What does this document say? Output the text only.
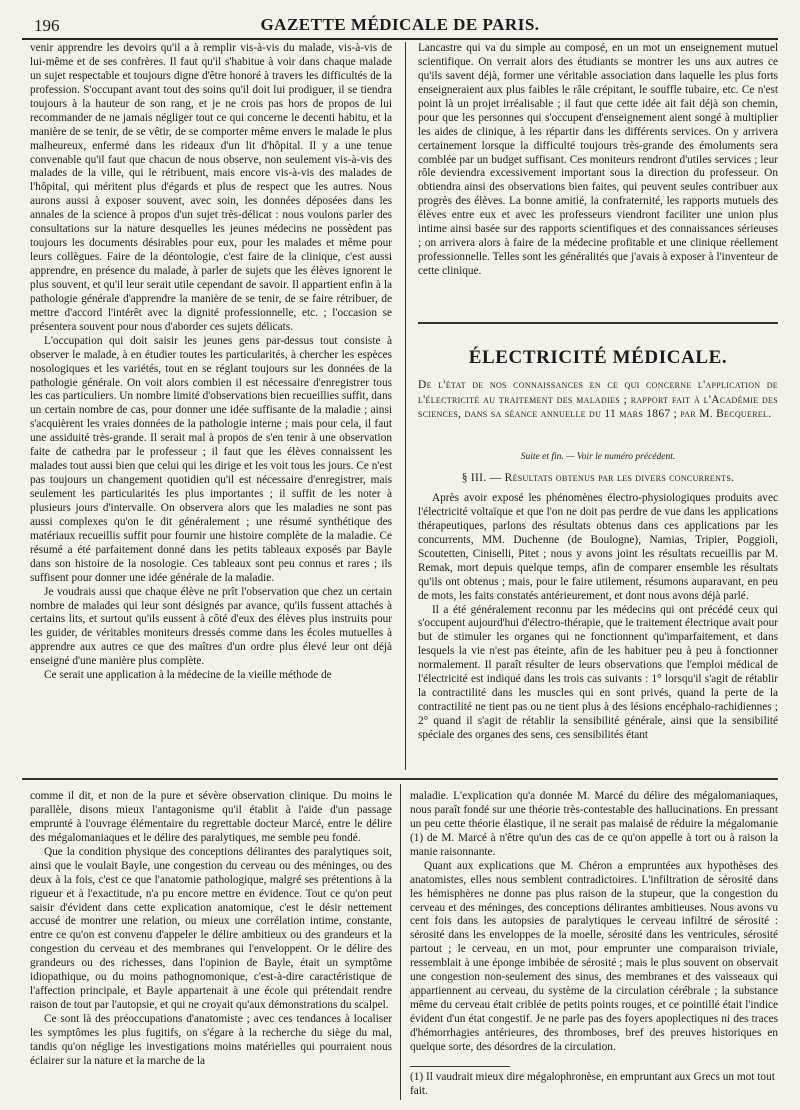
196	GAZETTE MÉDICALE DE PARIS.

venir apprendre les devoirs qu'il a à remplir vis-à-vis du malade, vis-à-vis de lui-même et de ses confrères. Il faut qu'il s'habitue à voir dans chaque malade un sujet respectable et toujours digne d'être honoré à travers les difficultés de la profession. S'occupant avant tout des soins qu'il doit lui prodiguer, il se tiendra toujours à la hauteur de son rang, et je ne crois pas hors de propos de lui recommander de ne jamais négliger tout ce qui concerne le decenti habitu, et la manière de se tenir, de se vêtir, de se comporter même envers le malade le plus malheureux, enfermé dans les rideaux d'un lit d'hôpital. Il y a une tenue convenable qu'il faut que chacun de nous observe, non seulement vis-à-vis des malades de la ville, qui le rétribuent, mais encore vis-à-vis des malades de l'hôpital, qui méritent plus d'égards et plus de respect que les autres. Nous aurons aussi à exposer souvent, avec soin, les données déposées dans les annales de la science à propos d'un sujet très-délicat : nous voulons parler des consultations sur la nature desquelles les jeunes médecins ne possèdent pas toujours les documents désirables pour eux, pour les malades et même pour leurs collègues. Faire de la déontologie, c'est faire de la clinique, c'est aussi apprendre, en présence du malade, à parler de sujets que les élèves ignorent le plus souvent, et qu'il leur serait utile cependant de savoir. Il appartient enfin à la pathologie générale d'apprendre la manière de se tenir, de se faire rétribuer, de mettre d'accord l'intérêt avec la dignité professionnelle, etc. ; l'occasion se présentera souvent pour nous d'aborder ces sujets délicats.

L'occupation qui doit saisir les jeunes gens par-dessus tout consiste à observer le malade, à en étudier toutes les particularités, à chercher les espèces nosologiques et les variétés, tout en se réglant toujours sur les données de la pathologie générale. On voit alors combien il est nécessaire d'enregistrer tous les cas particuliers. Un nombre limité d'observations bien recueillies suffit, dans un certain nombre de cas, pour donner une idée suffisante de la maladie ; ainsi s'acquièrent les vraies données de la pathologie interne ; mais pour cela, il faut une assiduité très-grande. Il serait mal à propos de s'en tenir à une observation faite de cathedra par le professeur ; il faut que les élèves connaissent les malades tout aussi bien que celui qui les dirige et les voit tous les jours. Ce n'est pas toujours un changement quotidien qu'il est nécessaire d'enregistrer, mais seulement les particularités les plus importantes ; il suffit de les noter à plusieurs jours d'intervalle. On observera alors que les maladies ne sont pas aussi complexes qu'on le dit généralement ; une résumé synthétique des matériaux recueillis suffit pour fournir une histoire complète de la maladie. Ce résumé a été parfaitement donné dans les petits tableaux exposés par Bayle dans son histoire de la nosologie. Ces tableaux sont peu connus et rares ; ils suffisent pour donner une idée générale de la maladie.

Je voudrais aussi que chaque élève ne prît l'observation que chez un certain nombre de malades qui leur sont désignés par avance, qu'ils fussent attachés à certains lits, et surtout qu'ils eussent à côté d'eux des élèves plus instruits pour les guider, de véritables moniteurs dressés comme dans les écoles mutuelles à apprendre aux autres ce que des maîtres d'un ordre plus élevé leur ont déjà enseigné d'une manière plus complète.

Ce serait une application à la médecine de la vieille méthode de

Lancastre qui va du simple au composé, en un mot un enseignement mutuel scientifique. On verrait alors des étudiants se montrer les uns aux autres ce qu'ils savent déjà, former une véritable association dans laquelle les plus forts enseigneraient aux plus faibles le râle crépitant, le souffle tubaire, etc. Ce n'est point là un projet irréalisable ; il faut que cette idée ait fait déjà son chemin, pour que les personnes qui s'occupent d'enseignement aient songé à multiplier les aides de clinique, à les répartir dans les différents services. On y arrivera certainement lorsque la difficulté toujours très-grande des émoluments sera comblée par un budget suffisant. Ces moniteurs rendront d'utiles services ; leur rôle deviendra excessivement important sous la direction du professeur. On obtiendra ainsi des observations bien faites, qui peuvent seules contribuer aux progrès des élèves. La bonne amitié, la confraternité, les rapports mutuels des élèves entre eux et avec les professeurs viendront faciliter une union plus intime ainsi basée sur des rapports scientifiques et des connaissances sérieuses ; on arrivera alors à faire de la médecine profitable et une clinique réellement professionnelle. Telles sont les généralités que j'avais à exposer à l'inventeur de cette clinique.

ÉLECTRICITÉ MÉDICALE.
De l'état de nos connaissances en ce qui concerne l'application de l'électricité au traitement des maladies ; rapport fait à l'Académie des sciences, dans sa séance annuelle du 11 mars 1867 ; par M. Becquerel.
Suite et fin. — Voir le numéro précédent.
§ III. — Résultats obtenus par les divers concurrents.

Après avoir exposé les phénomènes électro-physiologiques produits avec l'électricité voltaïque et que l'on ne doit pas perdre de vue dans les applications thérapeutiques, parlons des résultats obtenus dans ces applications par les concurrents, MM. Duchenne (de Boulogne), Namias, Tripier, Poggioli, Scoutetten, Ciniselli, Pitet ; nous y avons joint les résultats recueillis par M. Remak, mort depuis quelque temps, afin de comparer ensemble les résultats qu'ils ont obtenus ; mais, pour le faire utilement, résumons auparavant, en peu de mots, les faits constatés antérieurement, et dont nous avons déjà parlé.

Il a été généralement reconnu par les médecins qui ont précédé ceux qui s'occupent aujourd'hui d'électro-thérapie, que le traitement électrique avait pour but de stimuler les organes qui ne fonctionnent qu'imparfaitement, et dans lesquels la vie n'est pas éteinte, afin de les habituer peu à peu à fonctionner normalement. Il paraît résulter de leurs observations que l'emploi médical de l'électricité est indiqué dans les trois cas suivants : 1° lorsqu'il s'agit de rétablir la contractilité dans les muscles qui en sont privés, quand la perte de la contractilité ne tient pas ou ne tient plus à des lésions encéphalo-rachidiennes ; 2° quand il s'agit de rétablir la sensibilité générale, ainsi que la sensibilité spéciale des organes des sens, ces sensibilités étant

comme il dit, et non de la pure et sévère observation clinique. Du moins le parallèle, disons mieux l'antagonisme qu'il établit à l'aide d'un passage emprunté à l'ouvrage élémentaire du regrettable docteur Marcé, entre le délire des mégalomaniaques et le délire des paralytiques, me semble peu fondé.

Que la condition physique des conceptions délirantes des paralytiques soit, ainsi que le voulait Bayle, une congestion du cerveau ou des méninges, ou des deux à la fois, c'est ce que l'anatomie pathologique, malgré ses prétentions à la rigueur et à l'exactitude, n'a pu encore mettre en évidence. Tout ce qu'on peut saisir d'évident dans cette explication anatomique, c'est le désir nettement accusé de montrer une relation, ou mieux une corrélation intime, constante, entre ce qu'on est convenu d'appeler le délire ambitieux ou des grandeurs et la congestion du cerveau et des membranes qui l'enveloppent. Or le délire des grandeurs ou des richesses, dans l'opinion de Bayle, était un symptôme idiopathique, ou du moins pathognomonique, c'est-à-dire caractéristique de l'affection principale, et Bayle appartenait à une école qui prétendait rendre raison de tout par l'autopsie, et qui ne croyait qu'aux démonstrations du scalpel.

Ce sont là des préoccupations d'anatomiste ; avec ces tendances à localiser les symptômes les plus fugitifs, on s'égare à la recherche du siège du mal, tandis qu'on néglige les investigations moins matérielles qui pourraient nous éclairer sur la nature et la marche de la

maladie. L'explication qu'a donnée M. Marcé du délire des mégalomaniaques, nous paraît fondé sur une théorie très-contestable des hallucinations. En pressant un peu cette théorie élastique, il ne serait pas malaisé de réduire la mégalomanie (1) de M. Marcé à n'être qu'un des cas de ce qu'on appelle à tort ou à raison la manie raisonnante.

Quant aux explications que M. Chéron a empruntées aux hypothèses des anatomistes, elles nous semblent contradictoires. L'infiltration de sérosité dans les hémisphères ne donne pas plus raison de la stupeur, que la congestion du cerveau et des méninges, des conceptions délirantes ambitieuses. Nous avons vu cent fois dans les autopsies de paralytiques le cerveau infiltré de sérosité : sérosité dans les enveloppes de la moelle, sérosité dans les ventricules, sérosité partout ; le cerveau, en un mot, pour emprunter une comparaison triviale, ressemblait à une éponge imbibée de sérosité ; mais le plus souvent on observait une congestion non-seulement des sinus, des membranes et des vaisseaux qui appartiennent au cerveau, du système de la circulation cérébrale ; la substance même du cerveau était criblée de petits points rouges, et ce pointillé était l'indice évident d'un état congestif. Je ne parle pas des foyers apoplectiques ni des traces d'hémorrhagies antérieures, des thromboses, bref des preuves historiques en quelque sorte, des désordres de la circulation.

(1) Il vaudrait mieux dire mégalophronèse, en empruntant aux Grecs un mot tout fait.
